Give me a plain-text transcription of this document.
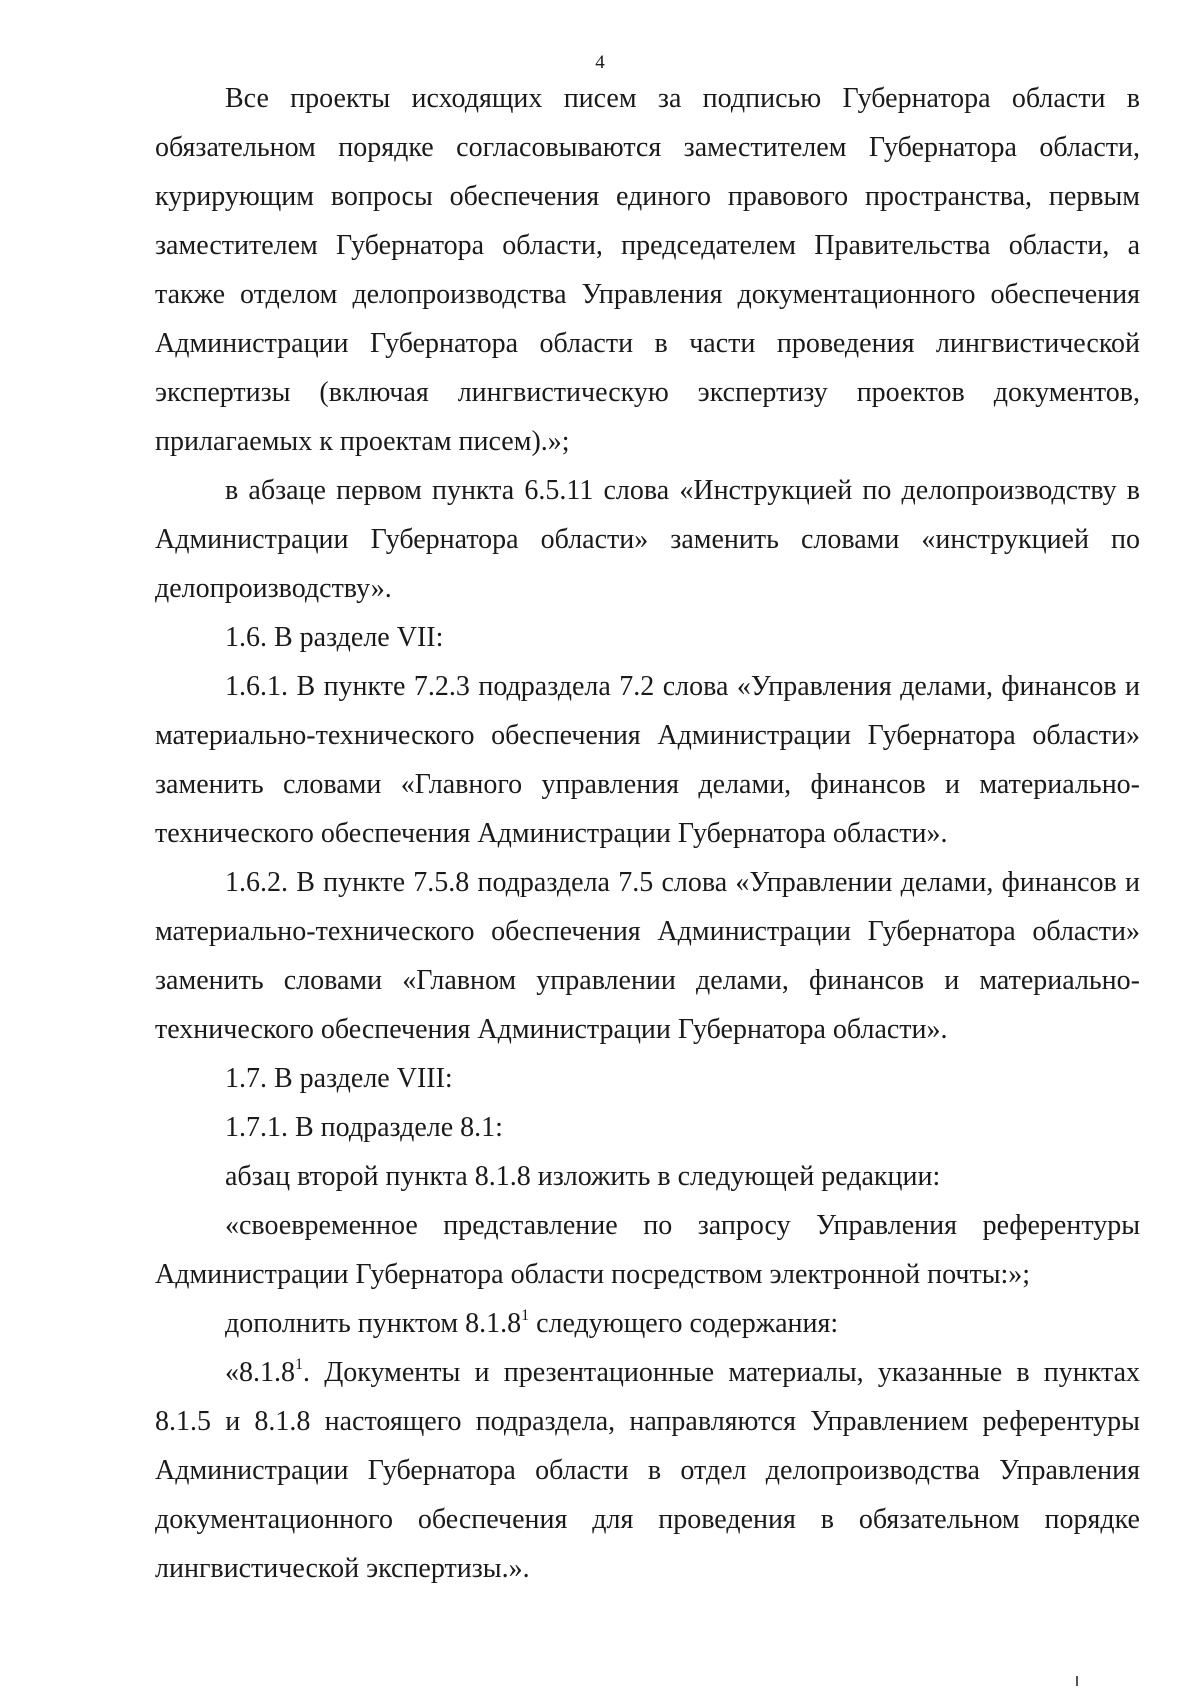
4

Все проекты исходящих писем за подписью Губернатора области в обязательном порядке согласовываются заместителем Губернатора области, курирующим вопросы обеспечения единого правового пространства, первым заместителем Губернатора области, председателем Правительства области, а также отделом делопроизводства Управления документационного обеспечения Администрации Губернатора области в части проведения лингвистической экспертизы (включая лингвистическую экспертизу проектов документов, прилагаемых к проектам писем).»;

в абзаце первом пункта 6.5.11 слова «Инструкцией по делопроизводству в Администрации Губернатора области» заменить словами «инструкцией по делопроизводству».

1.6. В разделе VII:

1.6.1. В пункте 7.2.3 подраздела 7.2 слова «Управления делами, финансов и материально-технического обеспечения Администрации Губернатора области» заменить словами «Главного управления делами, финансов и материально-технического обеспечения Администрации Губернатора области».

1.6.2. В пункте 7.5.8 подраздела 7.5 слова «Управлении делами, финансов и материально-технического обеспечения Администрации Губернатора области» заменить словами «Главном управлении делами, финансов и материально-технического обеспечения Администрации Губернатора области».

1.7. В разделе VIII:

1.7.1. В подразделе 8.1:

абзац второй пункта 8.1.8 изложить в следующей редакции:

«своевременное представление по запросу Управления референтуры Администрации Губернатора области посредством электронной почты:»;

дополнить пунктом 8.1.8$^1$ следующего содержания:

«8.1.8$^1$. Документы и презентационные материалы, указанные в пунктах 8.1.5 и 8.1.8 настоящего подраздела, направляются Управлением референтуры Администрации Губернатора области в отдел делопроизводства Управления документационного обеспечения для проведения в обязательном порядке лингвистической экспертизы.».
